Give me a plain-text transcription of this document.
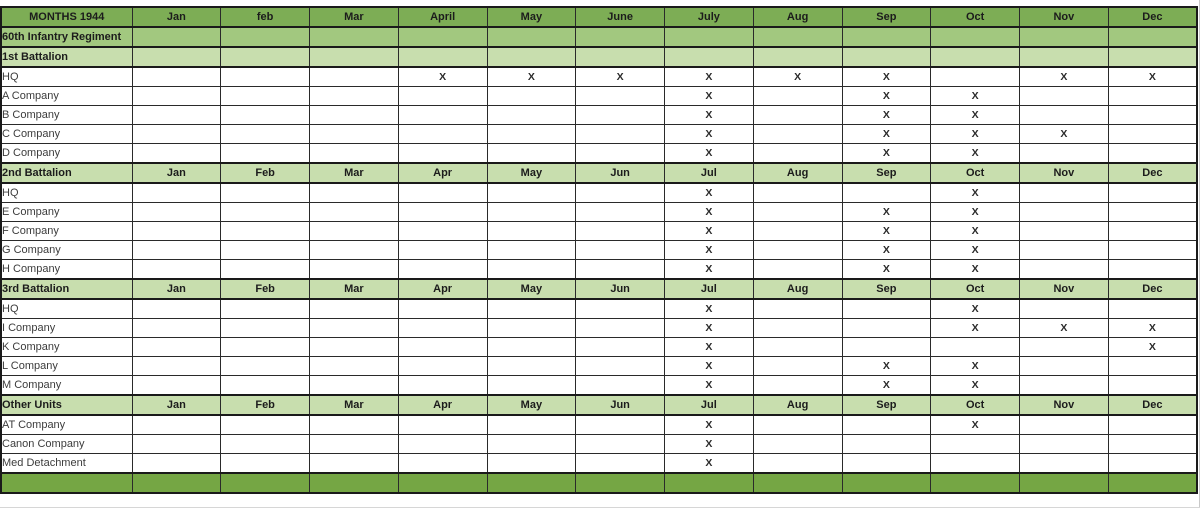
MONTHS 1944	Jan	feb	Mar	April	May	June	July	Aug	Sep	Oct	Nov	Dec
60th Infantry Regiment												
1st Battalion												
HQ				X	X	X	X	X	X		X	X
A Company							X		X	X		
B Company							X		X	X		
C Company							X		X	X	X	
D Company							X		X	X		
2nd Battalion	Jan	Feb	Mar	Apr	May	Jun	Jul	Aug	Sep	Oct	Nov	Dec
HQ							X			X		
E Company							X		X	X		
F Company							X		X	X		
G Company							X		X	X		
H Company							X		X	X		
3rd Battalion	Jan	Feb	Mar	Apr	May	Jun	Jul	Aug	Sep	Oct	Nov	Dec
HQ							X			X		
I Company							X			X	X	X
K Company							X					X
L Company							X		X	X		
M Company							X		X	X		
Other Units	Jan	Feb	Mar	Apr	May	Jun	Jul	Aug	Sep	Oct	Nov	Dec
AT Company							X			X		
Canon Company							X					
Med Detachment							X					
